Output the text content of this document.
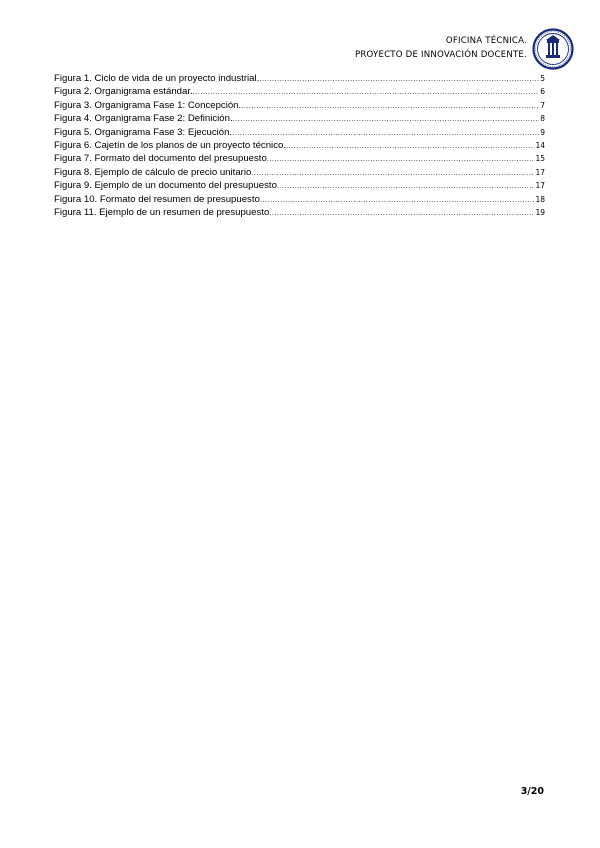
OFICINA TÉCNICA.
PROYECTO DE INNOVACIÓN DOCENTE.
Figura 1. Ciclo de vida de un proyecto industrial. .....	5
Figura 2. Organigrama estándar. .....	6
Figura 3. Organigrama Fase 1: Concepción. .....	7
Figura 4. Organigrama Fase 2: Definición. .....	8
Figura 5. Organigrama Fase 3: Ejecución. .....	9
Figura 6. Cajetín de los planos de un proyecto técnico. .....	14
Figura 7. Formato del documento del presupuesto .....	15
Figura 8. Ejemplo de cálculo de precio unitario .....	17
Figura 9. Ejemplo de un documento del presupuesto .....	17
Figura 10. Formato del resumen de presupuesto .....	18
Figura 11. Ejemplo de un resumen de presupuesto .....	19
3/20
